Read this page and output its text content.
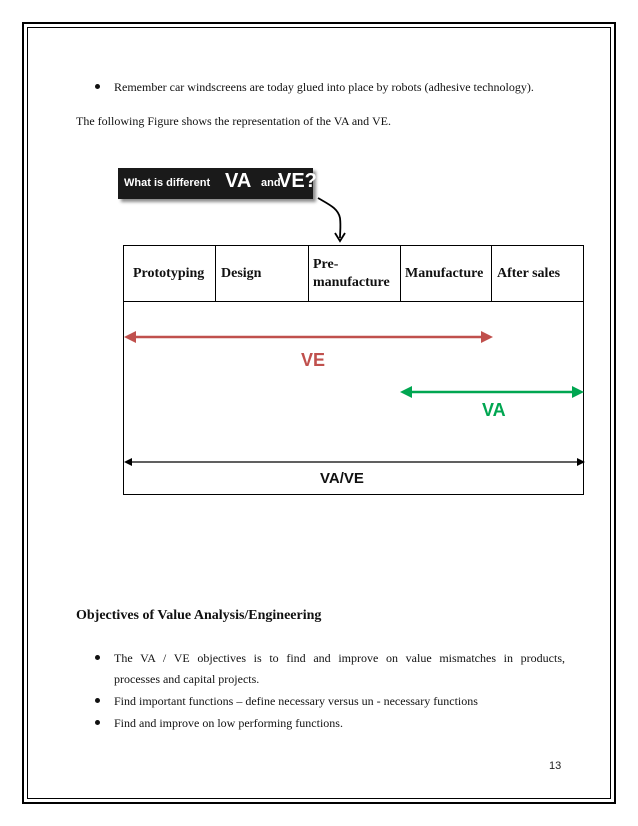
Remember car windscreens are today glued into place by robots (adhesive technology).
The following Figure shows the representation of the VA and VE.
What is different VA and
VE?
Prototyping	Design
Pre-
manufacture
Manufacture After sales
VE
VA
VA/VE
Objectives of Value Analysis/Engineering
The VA / VE objectives is to find and improve on value mismatches in products,
processes and capital projects.
Find important functions – define necessary versus un - necessary functions
Find and improve on low performing functions.
13
